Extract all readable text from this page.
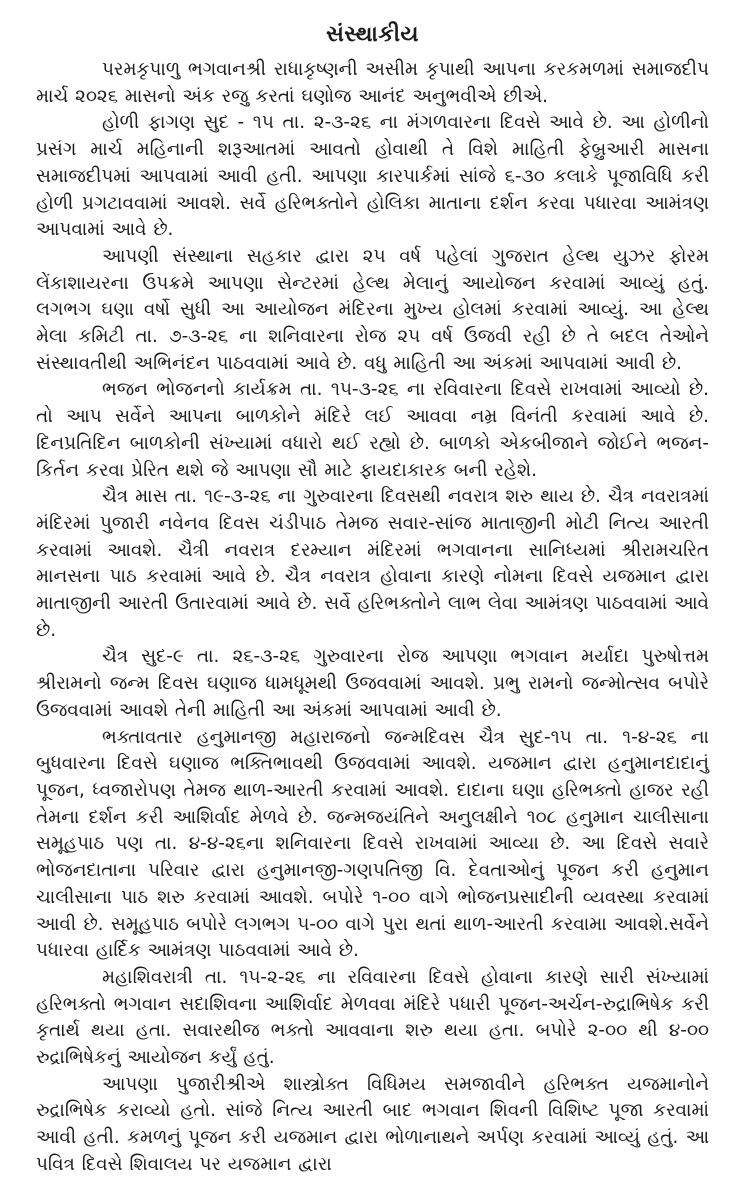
સંસ્થાકીય

પરમકૃપાળુ ભગવાનશ્રી રાધાકૃષ્ણની અસીમ કૃપાથી આપના કરકમળમાં સમાજદીપ માર્ચ ૨૦૨૬ માસનો અંક રજુ કરતાં ઘણોજ આનંદ અનુભવીએ છીએ.

હોળી ફાગણ સુદ - ૧૫ તા. ૨-૩-૨૬ ના મંગળવારના દિવસે આવે છે. આ હોળીનો પ્રસંગ માર્ચ મહિનાની શરૂઆતમાં આવતો હોવાથી તે વિશે માહિતી ફેબ્રુઆરી માસના સમાજદીપમાં આપવામાં આવી હતી. આપણા કારપાર્કમાં સાંજે ૬-૩૦ કલાકે પૂજાવિધિ કરી હોળી પ્રગટાવવામાં આવશે. સર્વે હરિભક્તોને હોલિકા માતાના દર્શન કરવા પધારવા આમંત્રણ આપવામાં આવે છે.

આપણી સંસ્થાના સહકાર દ્વારા ૨૫ વર્ષ પહેલાં ગુજરાત હેલ્થ યુઝર ફોરમ લેંકાશાયરના ઉપક્રમે આપણા સેન્ટરમાં હેલ્થ મેલાનું આયોજન કરવામાં આવ્યું હતું. લગભગ ઘણા વર્ષો સુધી આ આયોજન મંદિરના મુખ્ય હોલમાં કરવામાં આવ્યું. આ હેલ્થ મેલા કમિટી તા. ૭-૩-૨૬ ના શનિવારના રોજ ૨૫ વર્ષ ઉજવી રહી છે તે બદલ તેઓને સંસ્થાવતીથી અભિનંદન પાઠવવામાં આવે છે. વધુ માહિતી આ અંકમાં આપવામાં આવી છે.

ભજન ભોજનનો કાર્યક્રમ તા. ૧૫-૩-૨૬ ના રવિવારના દિવસે રાખવામાં આવ્યો છે. તો આપ સર્વેને આપના બાળકોને મંદિરે લઈ આવવા નમ્ર વિનંતી કરવામાં આવે છે. દિનપ્રતિદિન બાળકોની સંખ્યામાં વધારો થઈ રહ્યો છે. બાળકો એકબીજાને જોઈને ભજન-કિર્તન કરવા પ્રેરિત થશે જે આપણા સૌ માટે ફાયદાકારક બની રહેશે.

ચૈત્ર માસ તા. ૧૯-૩-૨૬ ના ગુરુવારના દિવસથી નવરાત્ર શરુ થાય છે. ચૈત્ર નવરાત્રમાં મંદિરમાં પુજારી નવેનવ દિવસ ચંડીપાઠ તેમજ સવાર-સાંજ માતાજીની મોટી નિત્ય આરતી કરવામાં આવશે. ચૈત્રી નવરાત્ર દરમ્યાન મંદિરમાં ભગવાનના સાનિધ્યમાં શ્રીરામચરિત માનસના પાઠ કરવામાં આવે છે. ચૈત્ર નવરાત્ર હોવાના કારણે નોમના દિવસે યજમાન દ્વારા માતાજીની આરતી ઉતારવામાં આવે છે. સર્વે હરિભક્તોને લાભ લેવા આમંત્રણ પાઠવવામાં આવે છે.

ચૈત્ર સુદ-૯ તા. ૨૬-૩-૨૬ ગુરુવારના રોજ આપણા ભગવાન મર્યાદા પુરુષોત્તમ શ્રીરામનો જન્મ દિવસ ઘણાજ ધામધૂમથી ઉજવવામાં આવશે. પ્રભુ રામનો જન્મોત્સવ બપોરે ઉજવવામાં આવશે તેની માહિતી આ અંકમાં આપવામાં આવી છે.

ભક્તાવતાર હનુમાનજી મહારાજનો જન્મદિવસ ચૈત્ર સુદ-૧૫ તા. ૧-૪-૨૬ ના બુધવારના દિવસે ઘણાજ ભક્તિભાવથી ઉજવવામાં આવશે. યજમાન દ્વારા હનુમાનદાદાનું પૂજન, ધ્વજારોપણ તેમજ થાળ-આરતી કરવામાં આવશે. દાદાના ઘણા હરિભક્તો હાજર રહી તેમના દર્શન કરી આશિર્વાદ મેળવે છે. જન્મજયંતિને અનુલક્ષીને ૧૦૮ હનુમાન ચાલીસાના સમૂહપાઠ પણ તા. ૪-૪-૨૬ના શનિવારના દિવસે રાખવામાં આવ્યા છે. આ દિવસે સવારે ભોજનદાતાના પરિવાર દ્વારા હનુમાનજી-ગણપતિજી વિ. દેવતાઓનું પૂજન કરી હનુમાન ચાલીસાના પાઠ શરુ કરવામાં આવશે. બપોરે ૧-૦૦ વાગે ભોજનપ્રસાદીની વ્યવસ્થા કરવામાં આવી છે. સમૂહપાઠ બપોરે લગભગ ૫-૦૦ વાગે પુરા થતાં થાળ-આરતી કરવામા આવશે.સર્વેને પધારવા હાર્દિક આમંત્રણ પાઠવવામાં આવે છે.

મહાશિવરાત્રી તા. ૧૫-૨-૨૬ ના રવિવારના દિવસે હોવાના કારણે સારી સંખ્યામાં હરિભક્તો ભગવાન સદાશિવના આશિર્વાદ મેળવવા મંદિરે પધારી પૂજન-અર્ચન-રુદ્રાભિષેક કરી કૃતાર્થ થયા હતા. સવારથીજ ભક્તો આવવાના શરુ થયા હતા. બપોરે ૨-૦૦ થી ૪-૦૦ રુદ્રાભિષેકનું આયોજન કર્યું હતું.

આપણા પુજારીશ્રીએ શાસ્ત્રોક્ત વિધિમય સમજાવીને હરિભક્ત યજમાનોને રુદ્રાભિષેક કરાવ્યો હતો. સાંજે નિત્ય આરતી બાદ ભગવાન શિવની વિશિષ્ટ પૂજા કરવામાં આવી હતી. કમળનું પૂજન કરી યજમાન દ્વારા ભોળાનાથને અર્પણ કરવામાં આવ્યું હતું. આ પવિત્ર દિવસે શિવાલય પર યજમાન દ્વારા
